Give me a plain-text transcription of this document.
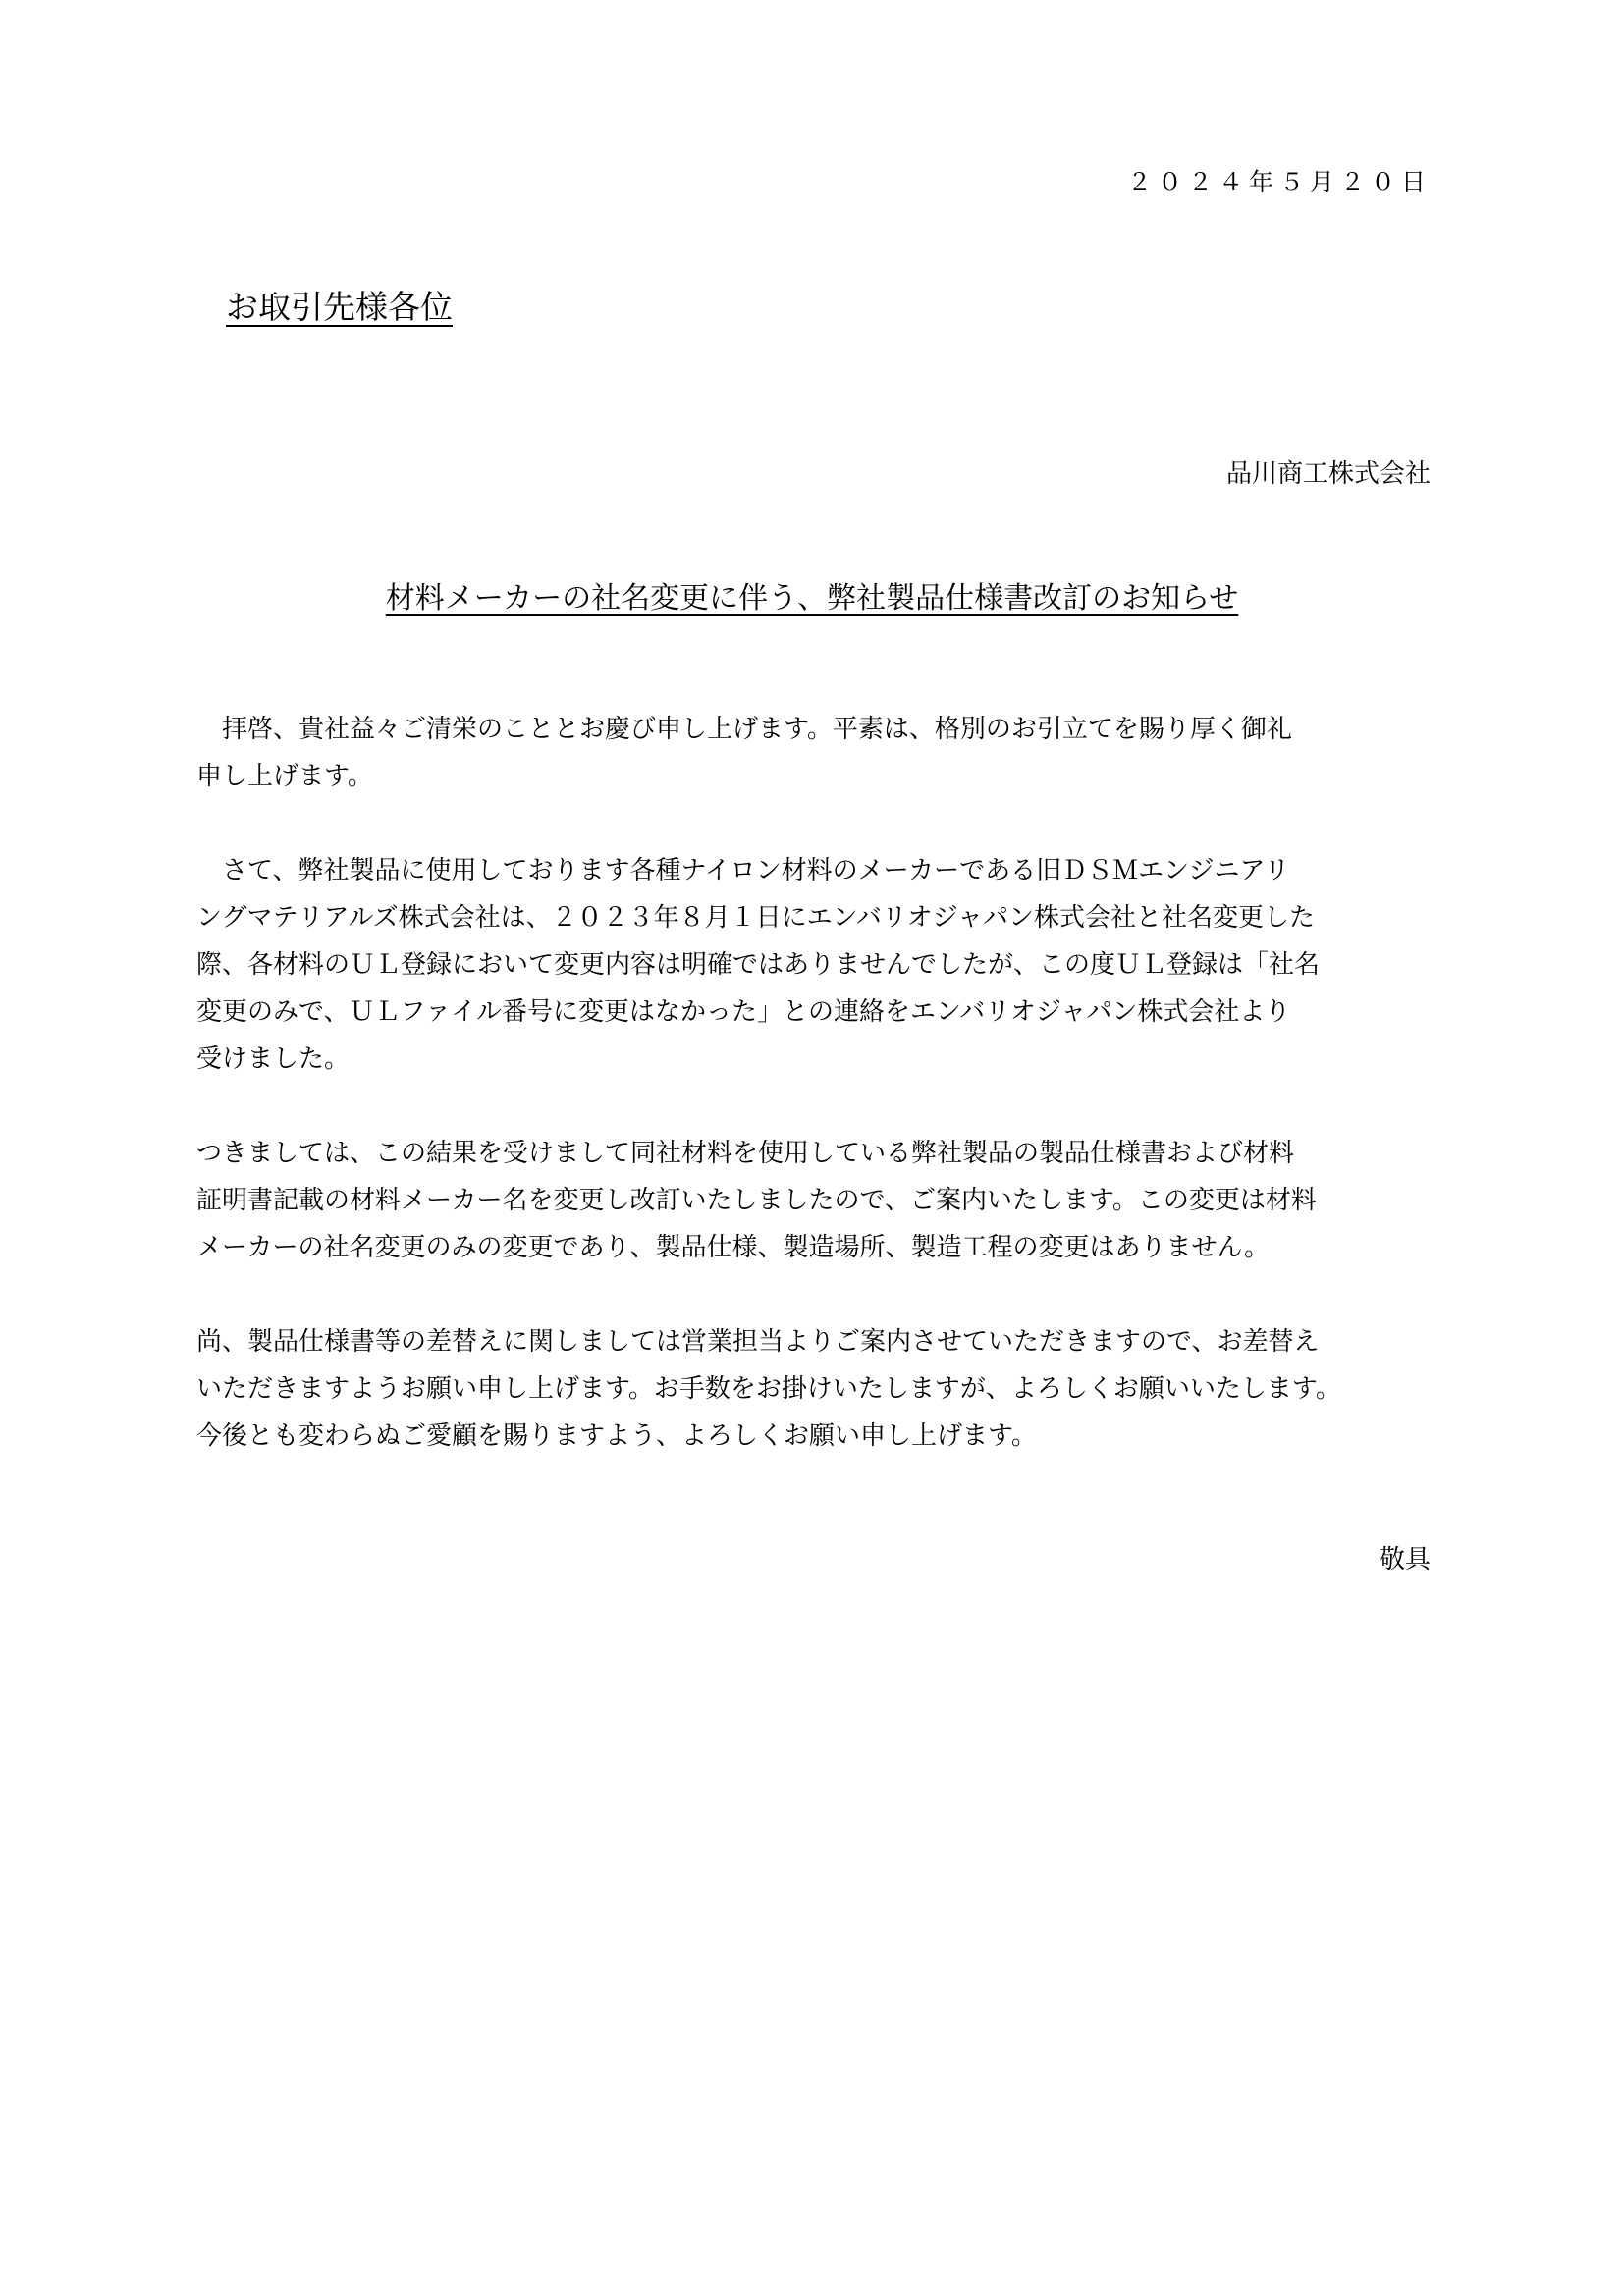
２０２４年５月２０日
お取引先様各位
品川商工株式会社
材料メーカーの社名変更に伴う、弊社製品仕様書改訂のお知らせ
　拝啓、貴社益々ご清栄のこととお慶び申し上げます。平素は、格別のお引立てを賜り厚く御礼
申し上げます。
　さて、弊社製品に使用しております各種ナイロン材料のメーカーである旧ＤＳＭエンジニアリ
ングマテリアルズ株式会社は、２０２３年８月１日にエンバリオジャパン株式会社と社名変更した
際、各材料のＵＬ登録において変更内容は明確ではありませんでしたが、この度ＵＬ登録は「社名
変更のみで、ＵＬファイル番号に変更はなかった」との連絡をエンバリオジャパン株式会社より
受けました。
つきましては、この結果を受けまして同社材料を使用している弊社製品の製品仕様書および材料
証明書記載の材料メーカー名を変更し改訂いたしましたので、ご案内いたします。この変更は材料
メーカーの社名変更のみの変更であり、製品仕様、製造場所、製造工程の変更はありません。
尚、製品仕様書等の差替えに関しましては営業担当よりご案内させていただきますので、お差替え
いただきますようお願い申し上げます。お手数をお掛けいたしますが、よろしくお願いいたします。
今後とも変わらぬご愛顧を賜りますよう、よろしくお願い申し上げます。
敬具
